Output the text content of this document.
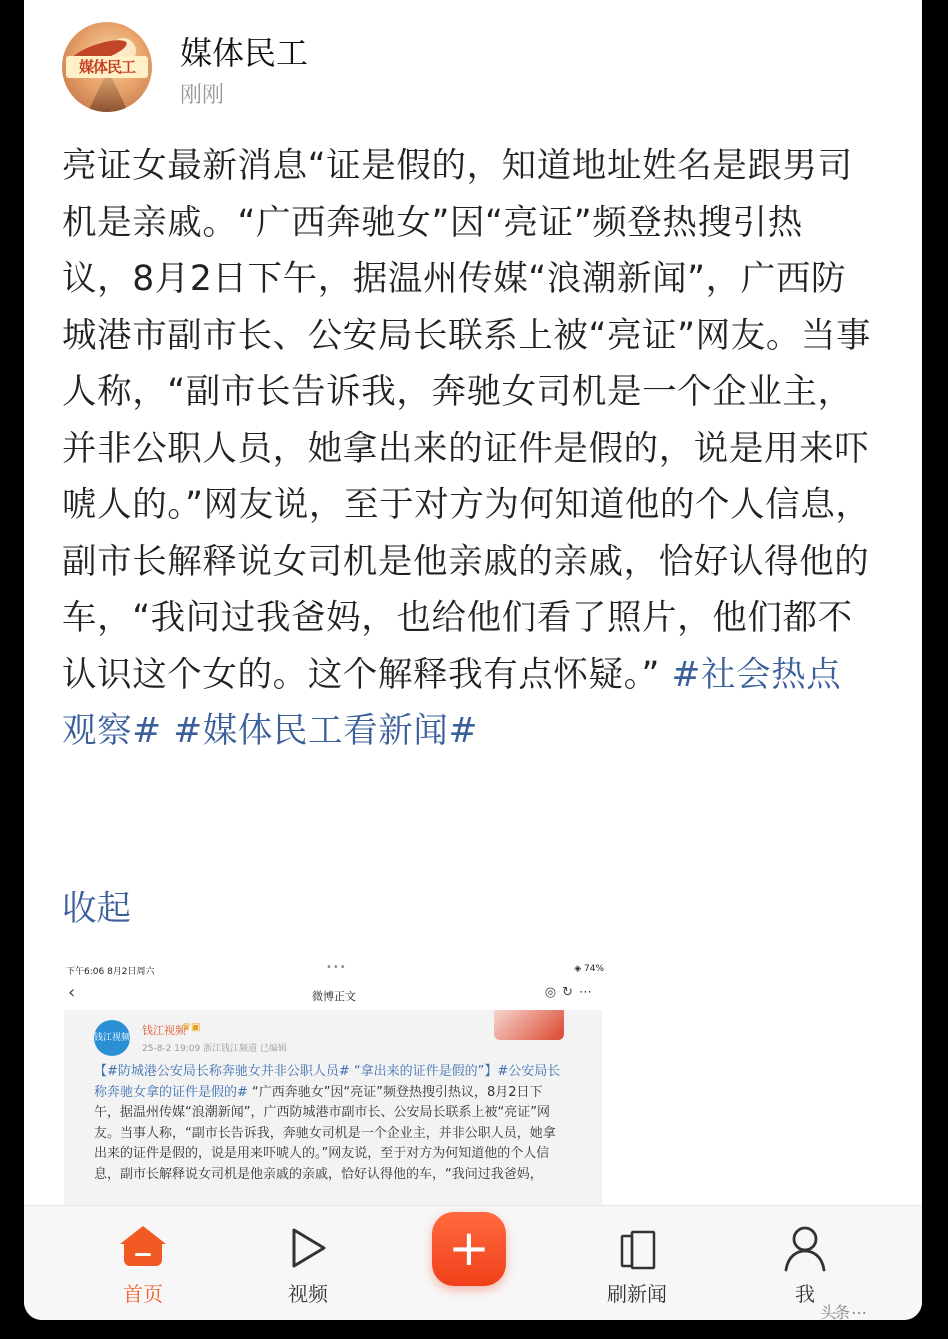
媒体民工	媒体民工
刚刚
亮证女最新消息“证是假的，知道地址姓名是跟男司机是亲戚。“广西奔驰女”因“亮证”频登热搜引热议，8月2日下午，据温州传媒“浪潮新闻”，广西防城港市副市长、公安局长联系上被“亮证”网友。当事人称，“副市长告诉我，奔驰女司机是一个企业主，并非公职人员，她拿出来的证件是假的，说是用来吓唬人的。”网友说，至于对方为何知道他的个人信息，副市长解释说女司机是他亲戚的亲戚，恰好认得他的车，“我问过我爸妈，也给他们看了照片，他们都不认识这个女的。这个解释我有点怀疑。” #社会热点观察# #媒体民工看新闻#
收起
下午6:06 8月2日周六	•••	◈ 74%
‹	微博正文	◎↻⋯
钱江视频
钱江视频
♛▣
25-8-2 19:09 浙江钱江频道 已编辑
【#防城港公安局长称奔驰女并非公职人员# “拿出来的证件是假的”】#公安局长称奔驰女拿的证件是假的# “广西奔驰女”因“亮证”频登热搜引热议，8月2日下午，据温州传媒“浪潮新闻”，广西防城港市副市长、公安局长联系上被“亮证”网友。当事人称，“副市长告诉我，奔驰女司机是一个企业主，并非公职人员，她拿出来的证件是假的，说是用来吓唬人的。”网友说，至于对方为何知道他的个人信息，副市长解释说女司机是他亲戚的亲戚，恰好认得他的车，“我问过我爸妈，
首页	视频
+
刷新闻	我
头条 ⋯
